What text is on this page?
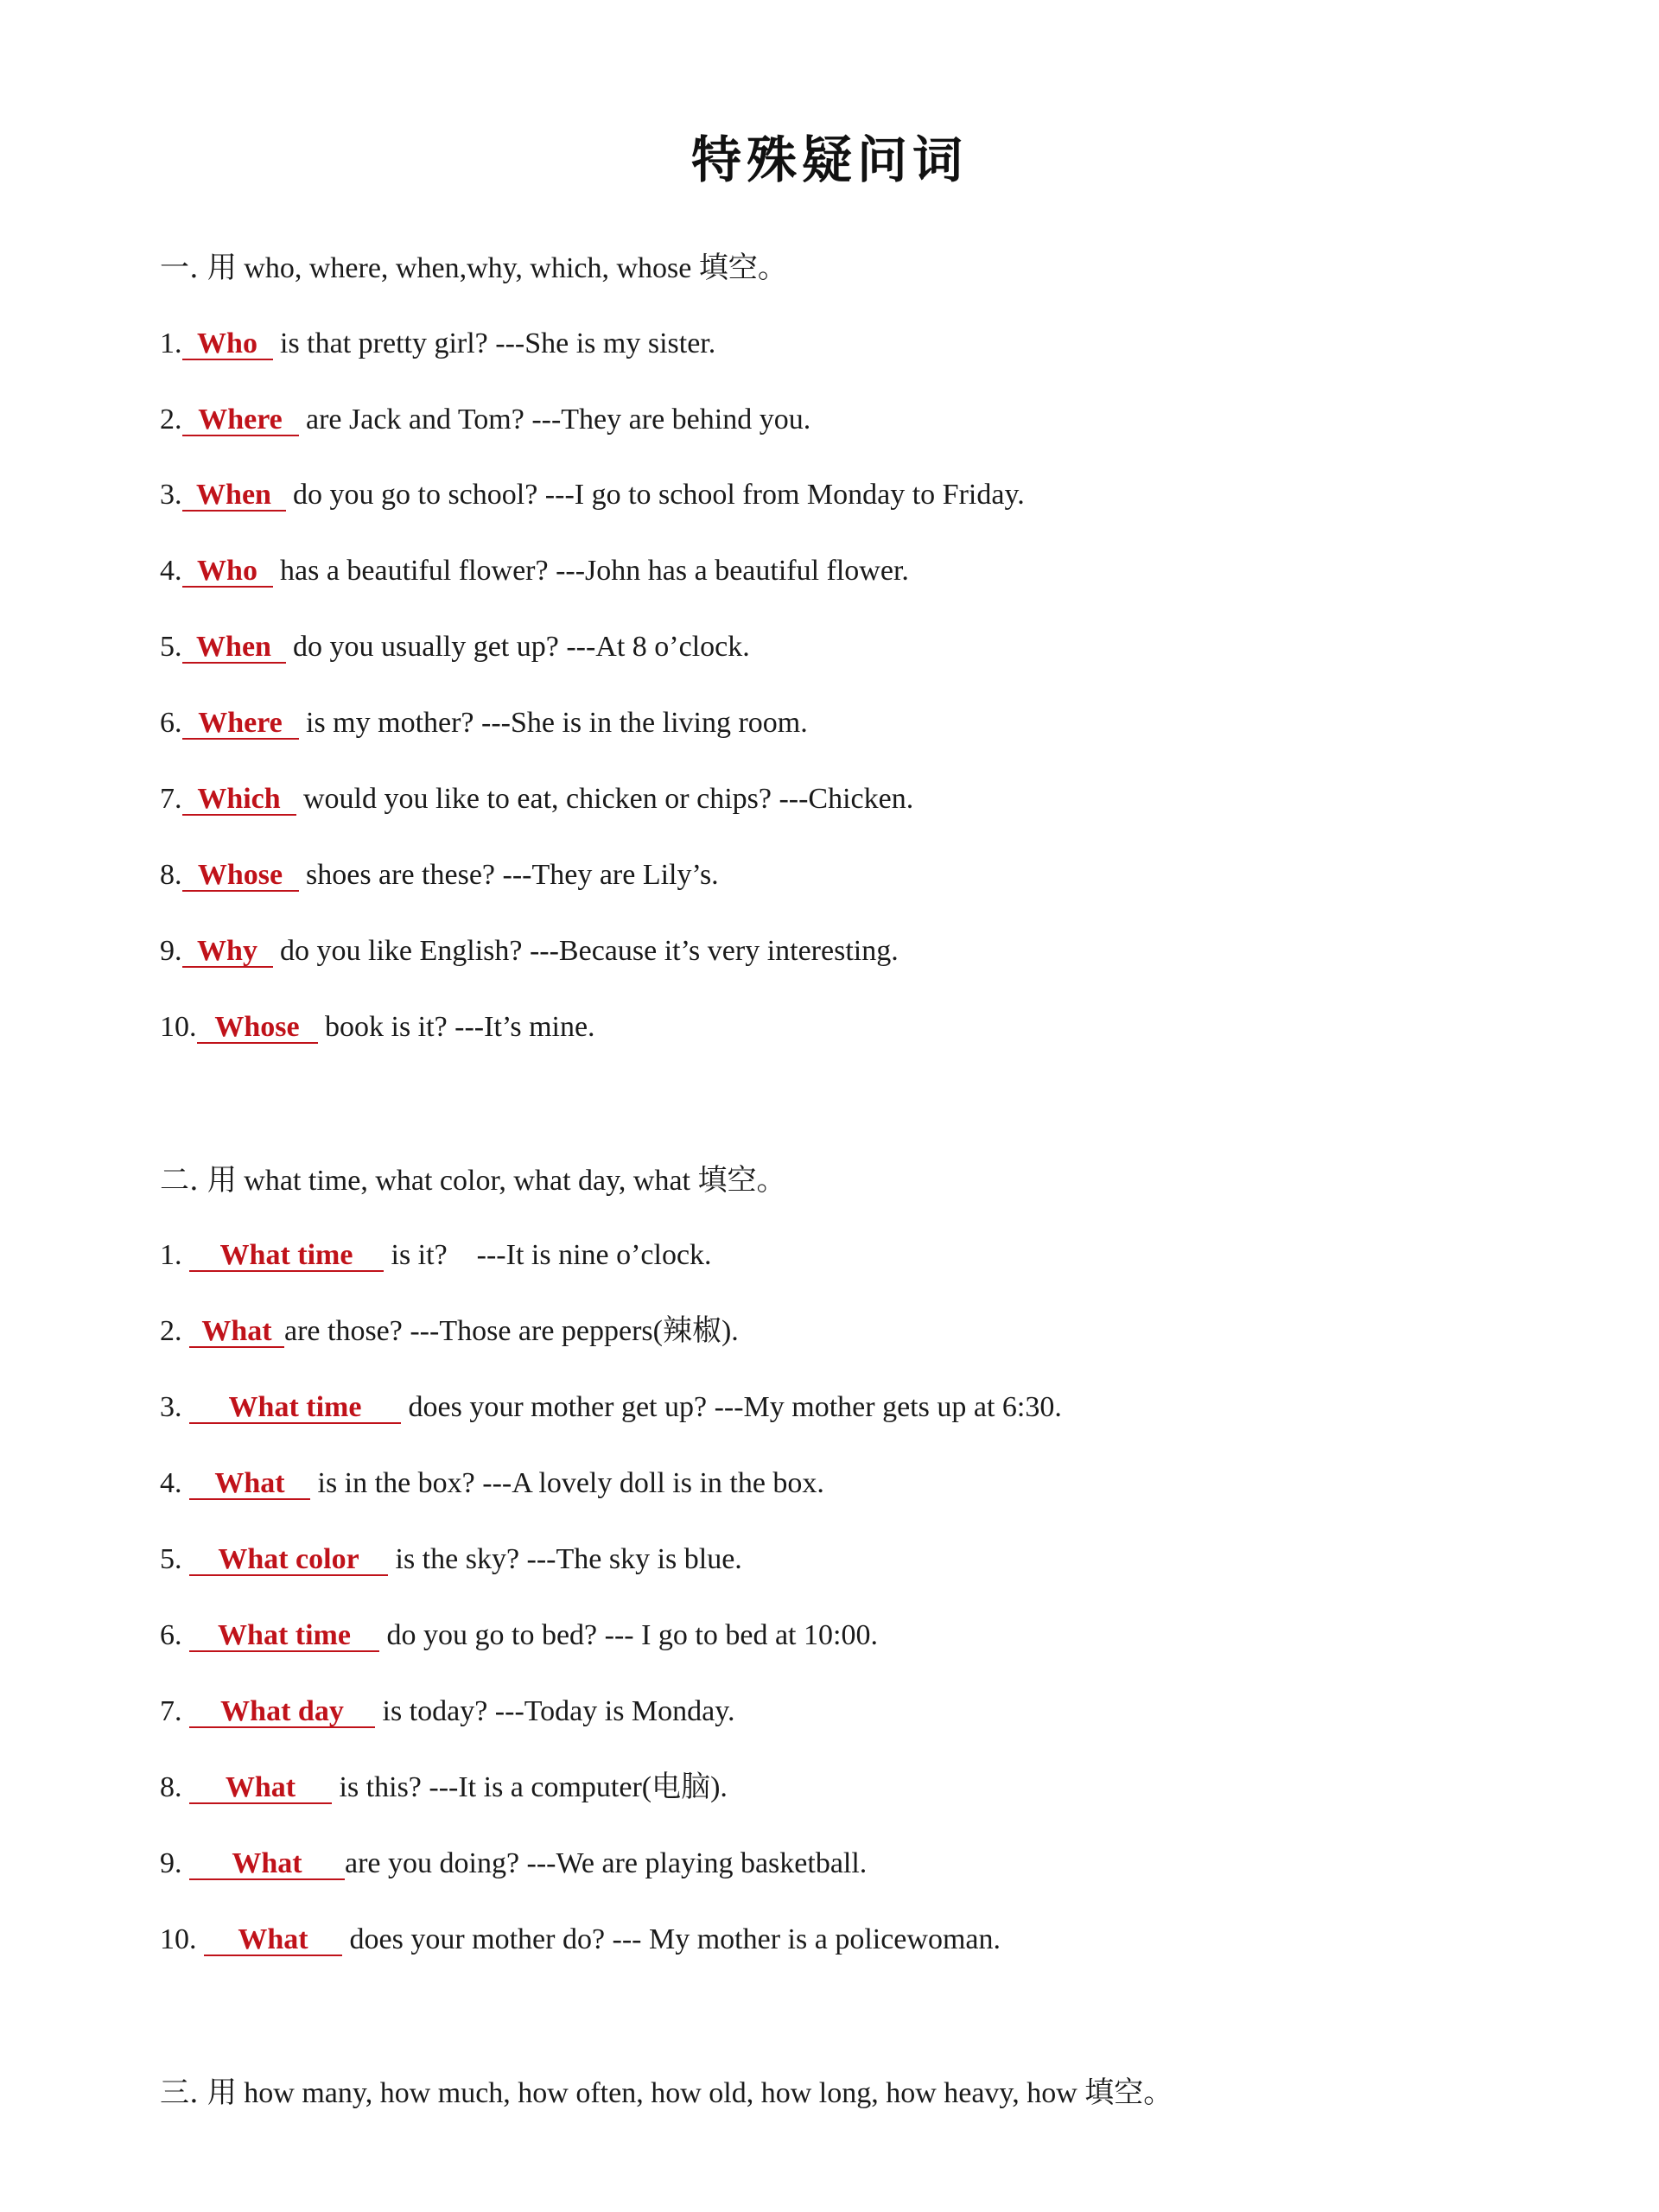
特殊疑问词

一. 用 who, where, when,why, which, whose 填空。

1. Who is that pretty girl? ---She is my sister.

2. Where are Jack and Tom? ---They are behind you.

3. When do you go to school? ---I go to school from Monday to Friday.

4. Who has a beautiful flower? ---John has a beautiful flower.

5. When do you usually get up? ---At 8 o’clock.

6. Where is my mother? ---She is in the living room.

7. Which would you like to eat, chicken or chips? ---Chicken.

8. Whose shoes are these? ---They are Lily’s.

9. Why do you like English? ---Because it’s very interesting.

10. Whose book is it? ---It’s mine.

二. 用 what time, what color, what day, what 填空。

1. What time is it?    ---It is nine o’clock.

2. What are those? ---Those are peppers(辣椒).

3. What time does your mother get up? ---My mother gets up at 6:30.

4. What is in the box? ---A lovely doll is in the box.

5. What color is the sky? ---The sky is blue.

6. What time do you go to bed? --- I go to bed at 10:00.

7. What day is today? ---Today is Monday.

8. What is this? ---It is a computer(电脑).

9. What are you doing? ---We are playing basketball.

10. What does your mother do? --- My mother is a policewoman.

三. 用 how many, how much, how often, how old, how long, how heavy, how 填空。
